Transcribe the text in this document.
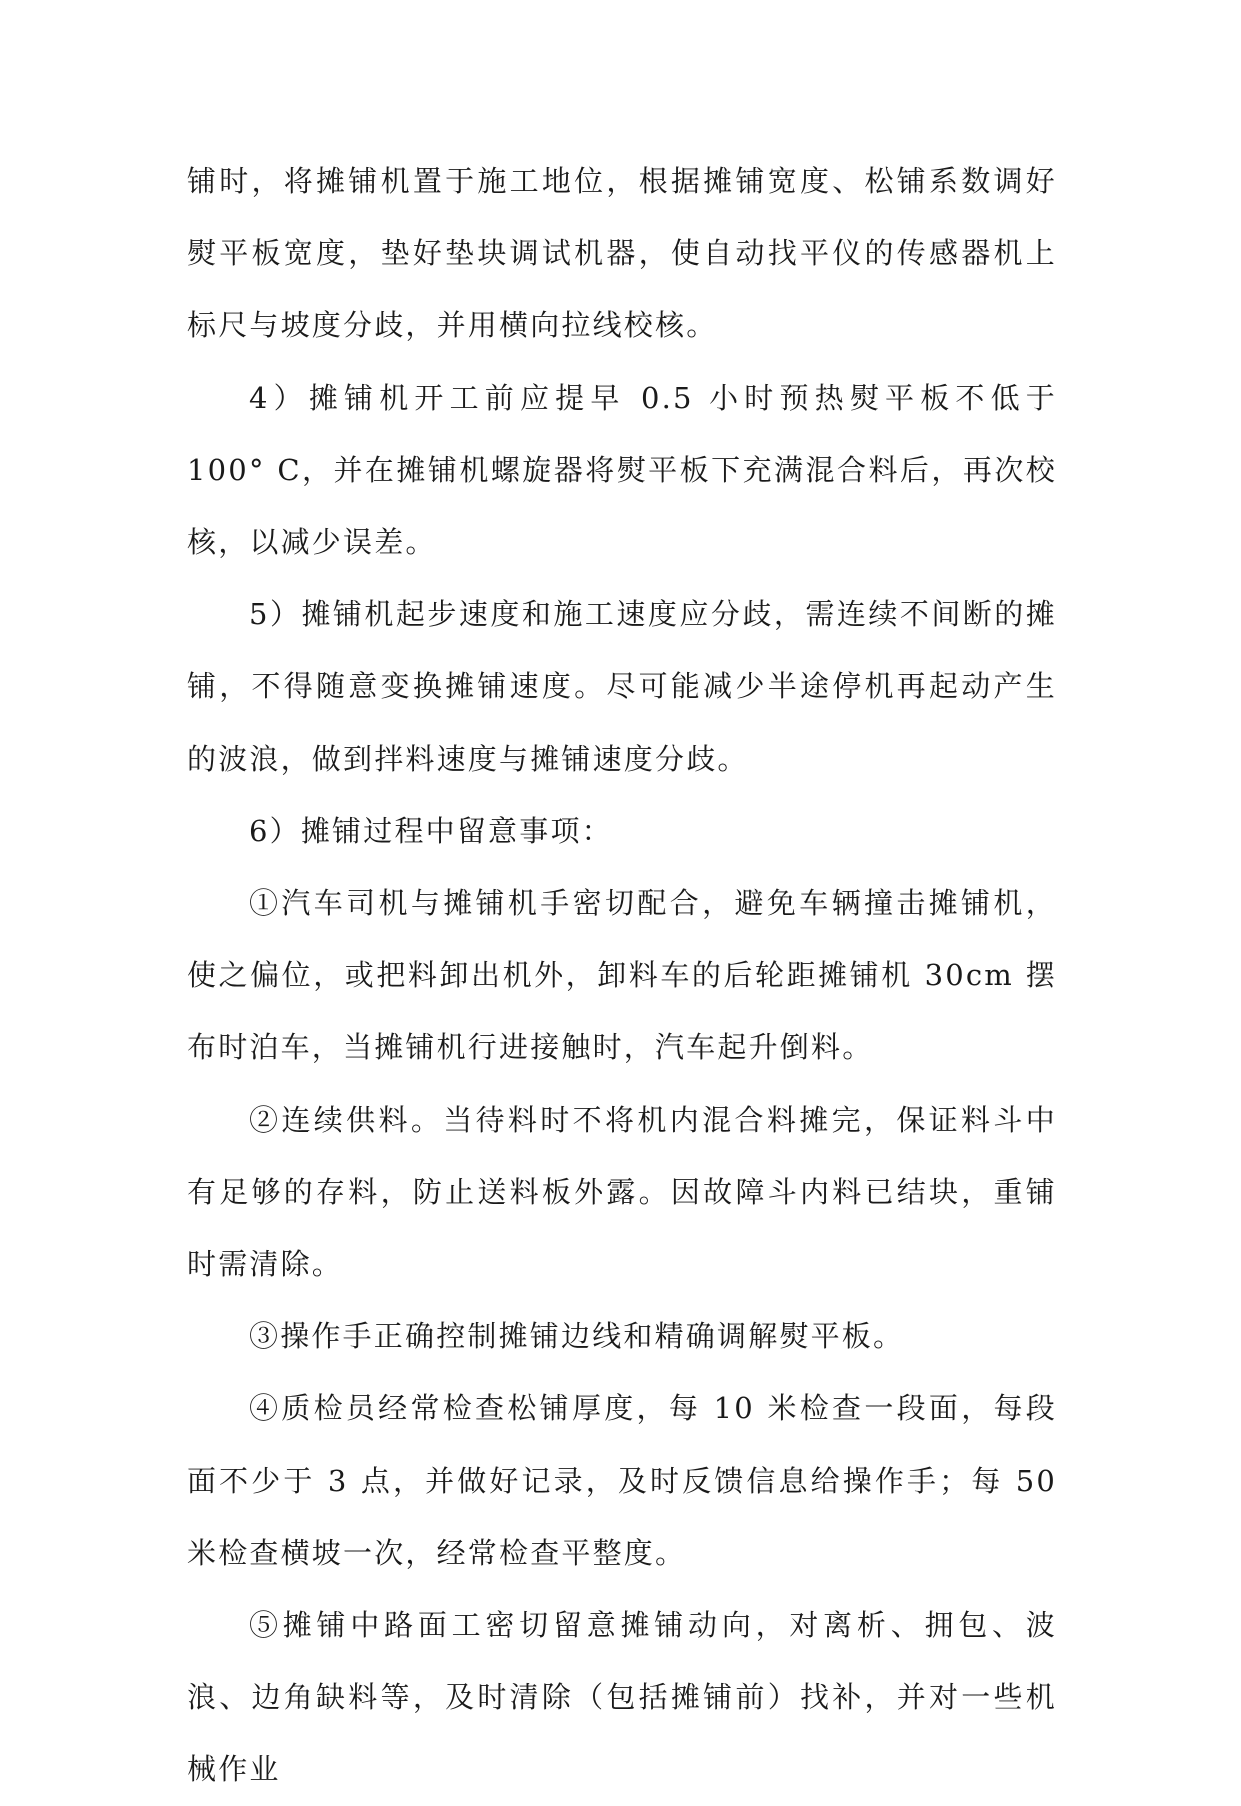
铺时，将摊铺机置于施工地位，根据摊铺宽度、松铺系数调好熨平板宽度，垫好垫块调试机器，使自动找平仪的传感器机上标尺与坡度分歧，并用横向拉线校核。

4）摊铺机开工前应提早 0.5 小时预热熨平板不低于 100° C，并在摊铺机螺旋器将熨平板下充满混合料后，再次校核，以减少误差。

5）摊铺机起步速度和施工速度应分歧，需连续不间断的摊铺，不得随意变换摊铺速度。尽可能减少半途停机再起动产生的波浪，做到拌料速度与摊铺速度分歧。

6）摊铺过程中留意事项：

①汽车司机与摊铺机手密切配合，避免车辆撞击摊铺机，使之偏位，或把料卸出机外，卸料车的后轮距摊铺机 30cm 摆布时泊车，当摊铺机行进接触时，汽车起升倒料。

②连续供料。当待料时不将机内混合料摊完，保证料斗中有足够的存料，防止送料板外露。因故障斗内料已结块，重铺时需清除。

③操作手正确控制摊铺边线和精确调解熨平板。

④质检员经常检查松铺厚度，每 10 米检查一段面，每段面不少于 3 点，并做好记录，及时反馈信息给操作手；每 50 米检查横坡一次，经常检查平整度。

⑤摊铺中路面工密切留意摊铺动向，对离析、拥包、波浪、边角缺料等，及时清除（包括摊铺前）找补，并对一些机械作业
